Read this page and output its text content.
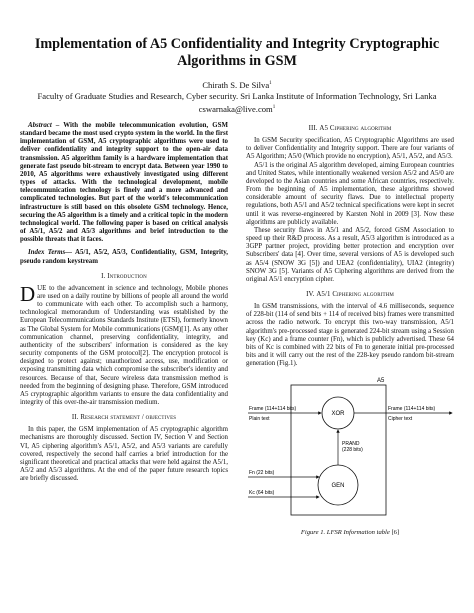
Implementation of A5 Confidentiality and Integrity Cryptographic Algorithms in GSM
Chirath S. De Silva$^1$
Faculty of Graduate Studies and Research, Cyber security. Sri Lanka Institute of Information Technology, Sri Lanka
cswarnaka@live.com$^1$

Abstract – With the mobile telecommunication evolution, GSM standard became the most used crypto system in the world. In the first implementation of GSM, A5 cryptographic algorithms were used to deliver confidentiality and integrity support to the open-air data transmission. A5 algorithm family is a hardware implementation that generate fast pseudo bit-stream to encrypt data. Between year 1990 to 2010, A5 algorithms were exhaustively investigated using different types of attacks. With the technological development, mobile telecommunication technology is finely and a more advanced and complicated technologies. But part of the world's telecommunication infrastructure is still based on this obsolete GSM technology. Hence, securing the A5 algorithm is a timely and a critical topic in the modern technological world. The following paper is based on critical analysis of A5/1, A5/2 and A5/3 algorithms and brief introduction to the possible threats that it faces.

Index Terms— A5/1, A5/2, A5/3, Confidentiality, GSM, Integrity, pseudo random keystream

I. Introduction

DUE to the advancement in science and technology, Mobile phones are used on a daily routine by billions of people all around the world to communicate with each other. To accomplish such a harmony, technological memorandum of Understanding was established by the European Telecommunications Standards Institute (ETSI), formerly known as The Global System for Mobile communications (GSM)[1]. As any other communication channel, preserving confidentiality, integrity, and authenticity of the subscribers' information is considered as the key security components of the GSM protocol[2]. The encryption protocol is designed to protect against; unauthorized access, use, modification or exposing transmitting data which compromise the subscriber's identity and resources. Because of that, Secure wireless data transmission method is needed from the beginning of designing phase. Therefore, GSM introduced A5 cryptographic algorithm variants to ensure the data confidentiality and integrity of this over-the-air transmission medium.

II. Research statement / objectives

In this paper, the GSM implementation of A5 cryptographic algorithm mechanisms are thoroughly discussed. Section IV, Section V and Section VI, A5 ciphering algorithm's A5/1, A5/2, and A5/3 variants are carefully covered, respectively the second half carries a brief introduction for the significant theoretical and practical attacks that were held against the A5/1, A5/2 and A5/3 algorithms. At the end of the paper future research topics are briefly discussed.

III. A5 Ciphering algorithm

In GSM Security specification, A5 Cryptographic Algorithms are used to deliver Confidentiality and Integrity support. There are four variants of A5 Algorithm; A5/0 (Which provide no encryption), A5/1, A5/2, and A5/3.

A5/1 is the original A5 algorithm developed, aiming European countries and United States, while intentionally weakened version A5/2 and A5/0 are developed to the Asian countries and some African countries, respectively. From the beginning of A5 implementation, these algorithms showed considerable amount of security flaws. Due to intellectual property regulations, both A5/1 and A5/2 technical specifications were kept in secret until it was reverse-engineered by Karsten Nohl in 2009 [3]. Now these algorithms are publicly available.

These security flaws in A5/1 and A5/2, forced GSM Association to speed up their R&D process. As a result, A5/3 algorithm is introduced as a 3GPP partner project, providing better protection and encryption over Subscribers' data [4]. Over time, several versions of A5 is developed such as A5/4 (SNOW 3G [5]) and UEA2 (confidentiality), UIA2 (integrity) SNOW 3G [5]. Variants of A5 Ciphering algorithms are derived from the original A5/1 encryption cipher.

IV. A5/1 Ciphering algorithm

In GSM transmissions, with the interval of 4.6 milliseconds, sequence of 228-bit (114 of send bits + 114 of received bits) frames were transmitted across the radio network. To encrypt this two-way transmission, A5/1 algorithm's pre-processed stage is generated 224-bit stream using a Session key (Kc) and a frame counter (Fn), which is publicly advertised. These 64 bits of Kc is combined with 22 bits of Fn to generate initial pre-processed bits and it will carry out the rest of the 228-key pseudo random bit-stream generation (Fig.1).

A5
XOR
GEN
Frame (114+114 bits)
Plain text
Frame (114+114 bits)
Cipher text
PRAND
(228 bits)
Fn (22 bits)
Kc (64 bits)
Figure 1. LFSR Information table [6]
